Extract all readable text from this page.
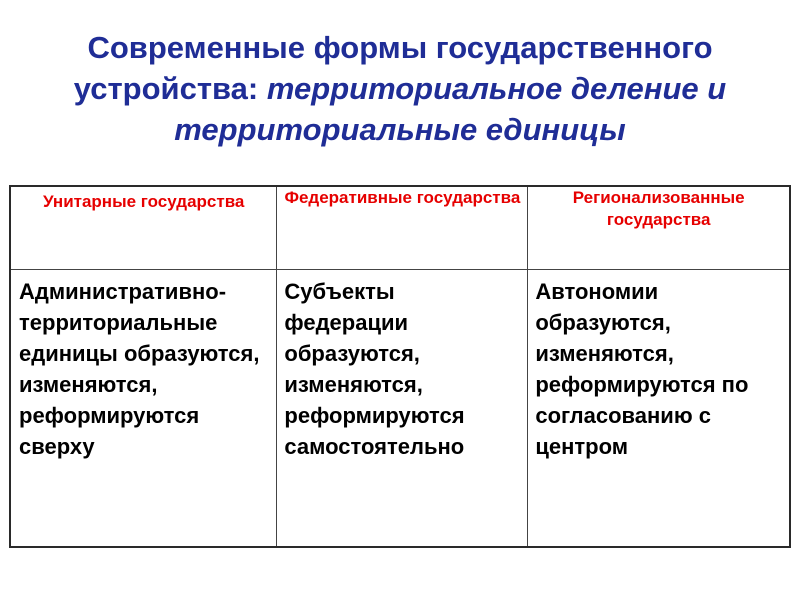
Современные формы государственного
устройства: территориальное деление и
территориальные единицы
Унитарные государства	Федеративные государства	Регионализованные государства

Административно-территориальные единицы образуются, изменяются, реформируются сверху	Субъекты федерации образуются, изменяются, реформируются самостоятельно	Автономии образуются, изменяются, реформируются по согласованию с центром
